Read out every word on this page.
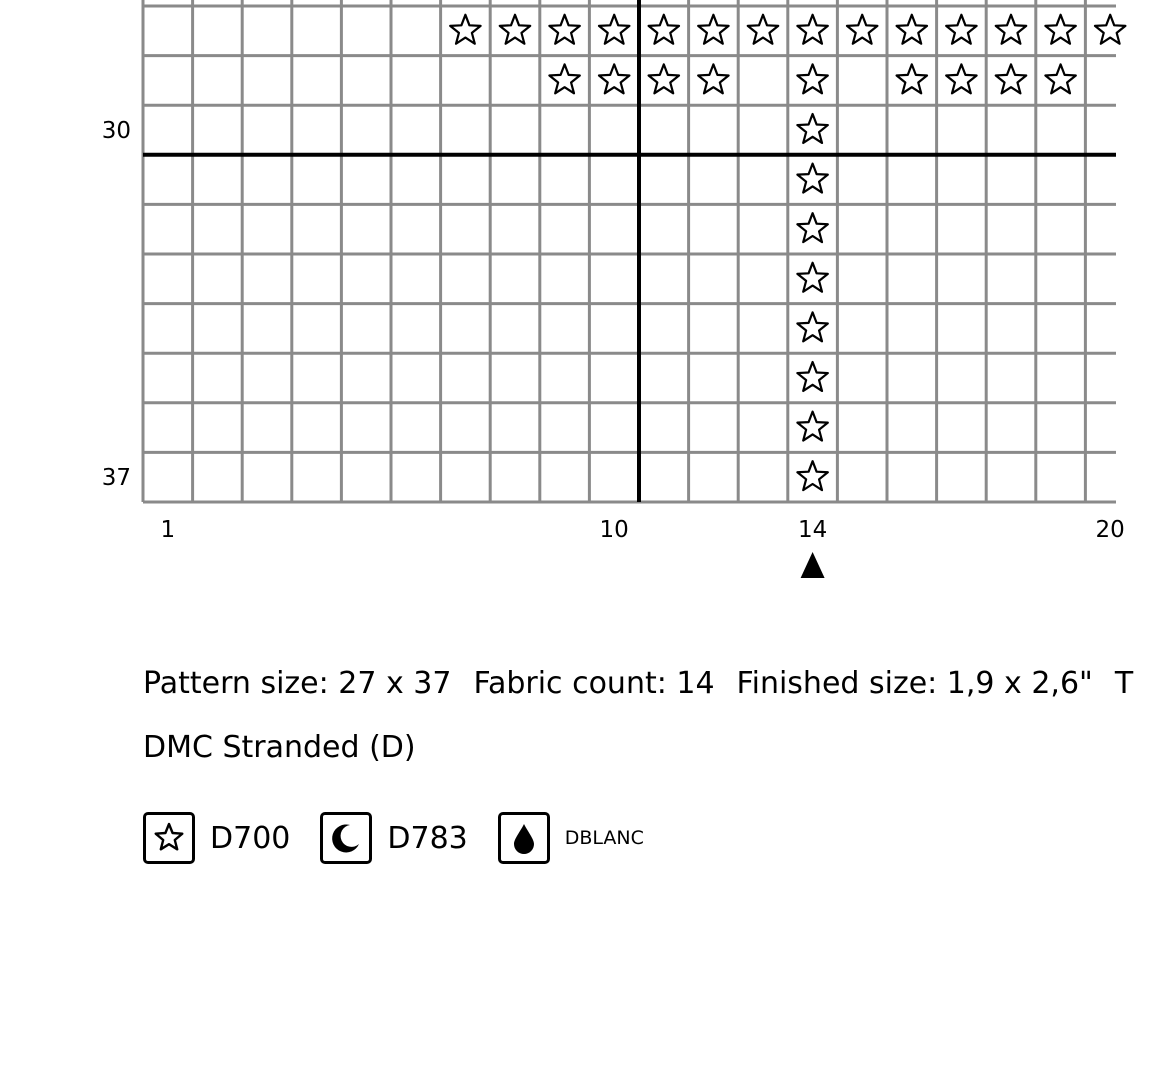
30
37
1	10	14	20
Pattern size: 27 x 37 Fabric count: 14 Finished size: 1,9 x 2,6" T
DMC Stranded (D)
D700	D783	DBLANC
